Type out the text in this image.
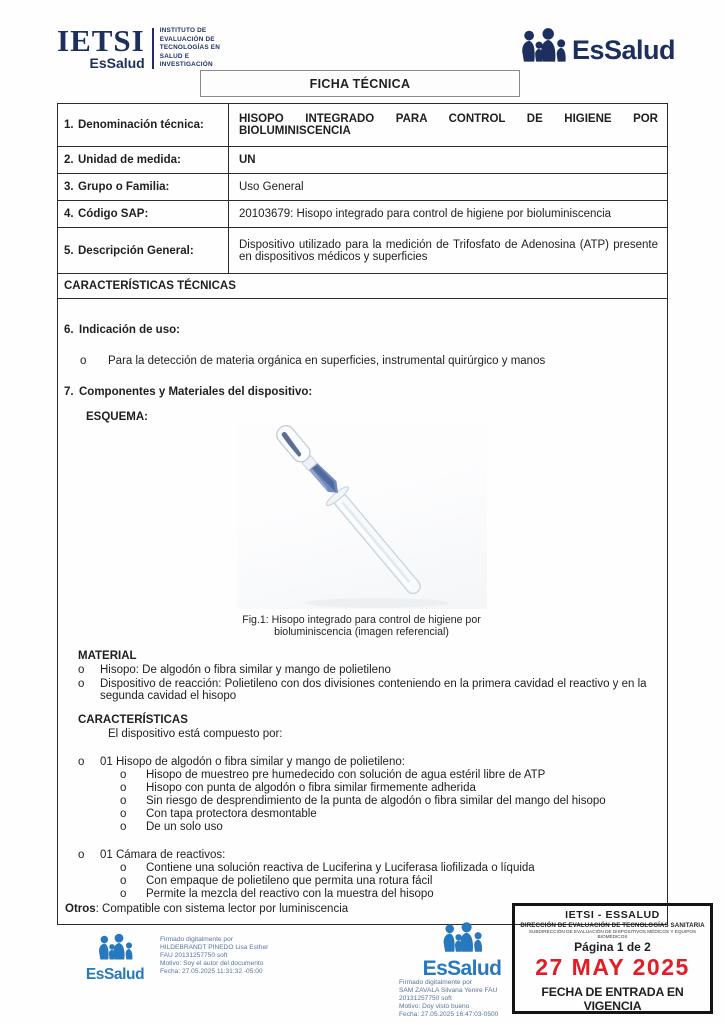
IETSI
EsSalud
INSTITUTO DE
EVALUACIÓN DE
TECNOLOGÍAS EN
SALUD E
INVESTIGACIÓN	EsSalud
FICHA TÉCNICA
1. Denominación técnica:	HISOPO INTEGRADO PARA CONTROL DE HIGIENE POR BIOLUMINISCENCIA

2. Unidad de medida:	UN

3. Grupo o Familia:	Uso General

4. Código SAP:	20103679: Hisopo integrado para control de higiene por bioluminiscencia

5. Descripción General:	Dispositivo utilizado para la medición de Trifosfato de Adenosina (ATP) presente en dispositivos médicos y superficies
CARACTERÍSTICAS TÉCNICAS	

6. Indicación de uso:
o	Para la detección de materia orgánica en superficies, instrumental quirúrgico y manos
7. Componentes y Materiales del dispositivo:
ESQUEMA:
Fig.1: Hisopo integrado para control de higiene por bioluminiscencia (imagen referencial)
MATERIAL
o	Hisopo: De algodón o fibra similar y mango de polietileno
o	Dispositivo de reacción: Polietileno con dos divisiones conteniendo en la primera cavidad el reactivo y en la segunda cavidad el hisopo
CARACTERÍSTICAS
El dispositivo está compuesto por:
o	01 Hisopo de algodón o fibra similar y mango de polietileno:
o	Hisopo de muestreo pre humedecido con solución de agua estéril libre de ATP
o	Hisopo con punta de algodón o fibra similar firmemente adherida
o	Sin riesgo de desprendimiento de la punta de algodón o fibra similar del mango del hisopo
o	Con tapa protectora desmontable
o	De un solo uso
o	01 Cámara de reactivos:
o	Contiene una solución reactiva de Luciferina y Luciferasa liofilizada o líquida
o	Con empaque de polietileno que permita una rotura fácil
o	Permite la mezcla del reactivo con la muestra del hisopo
Otros: Compatible con sistema lector por luminiscencia
EsSalud
Firmado digitalmente por
HILDEBRANDT PINEDO Lisa Esther
FAU 20131257750 soft
Motivo: Soy el autor del documento
Fecha: 27.05.2025 11:31:32 -05:00	EsSalud
Firmado digitalmente por
SAM ZAVALA Silvana Yenire FAU
20131257750 soft
Motivo: Doy visto bueno
Fecha: 27.05.2025 16:47:03-0500
IETSI - ESSALUD
DIRECCIÓN DE EVALUACIÓN DE TECNOLOGÍAS SANITARIA
SUBDIRECCIÓN DE EVALUACIÓN DE DISPOSITIVOS MÉDICOS Y EQUIPOS BIOMÉDICOS
Página 1 de 2
27 MAY 2025
FECHA DE ENTRADA EN VIGENCIA
